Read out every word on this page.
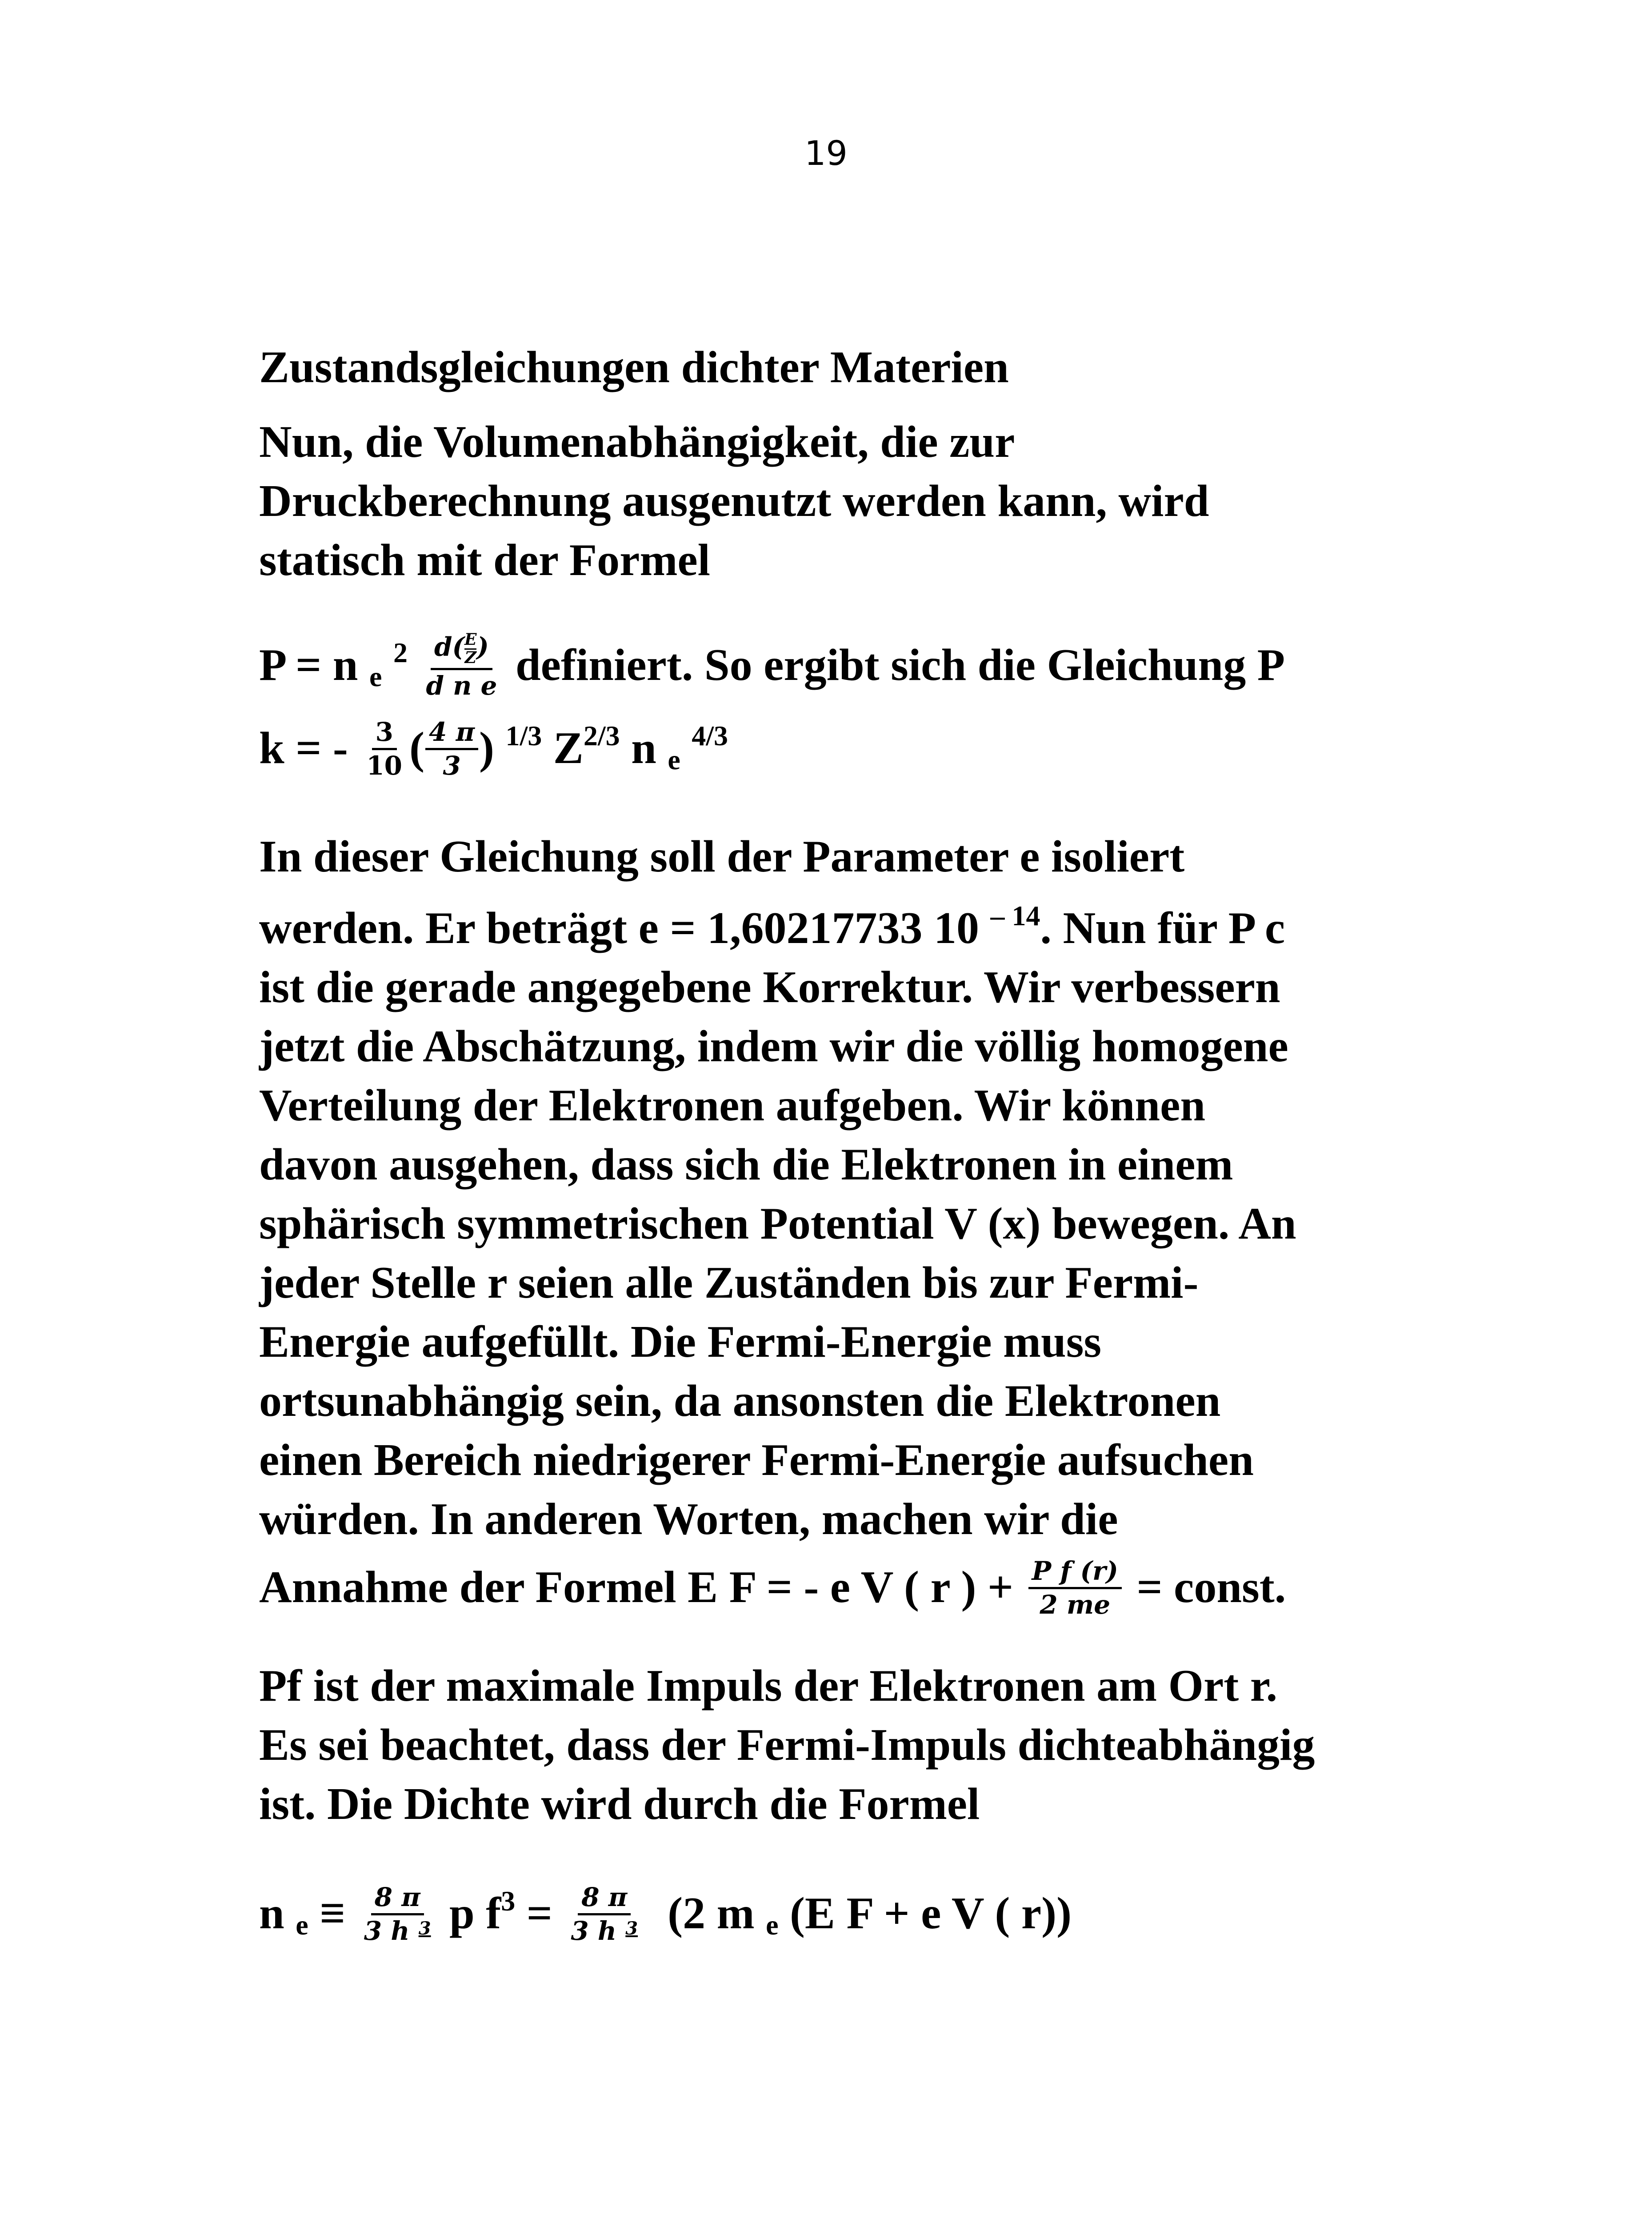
19

Zustandsgleichungen dichter Materien

Nun, die Volumenabhängigkeit, die zur

Druckberechnung ausgenutzt werden kann, wird

statisch mit der Formel

P = n $_e$ $^2 \frac{d( \frac{E}{Z} )}{\text{d n e}}$ definiert. So ergibt sich die Gleichung P

k = - $\frac{3}{10}$ ( $\frac{4 \pi}{3}$ ) $^{1/3}$ $Z^{2/3}$ n $_e$ $^{4/3}$

In dieser Gleichung soll der Parameter e isoliert

werden. Er beträgt e = 1,60217733 10 $^{- 14}$. Nun für P c

ist die gerade angegebene Korrektur. Wir verbessern

jetzt die Abschätzung, indem wir die völlig homogene

Verteilung der Elektronen aufgeben. Wir können

davon ausgehen, dass sich die Elektronen in einem

sphärisch symmetrischen Potential V (x) bewegen. An

jeder Stelle r seien alle Zuständen bis zur Fermi-

Energie aufgefüllt. Die Fermi-Energie muss

ortsunabhängig sein, da ansonsten die Elektronen

einen Bereich niedrigerer Fermi-Energie aufsuchen

würden. In anderen Worten, machen wir die

Annahme der Formel E F = - e V ( r ) + $\frac{\text{P f (r)}}{2 me}$ = const.

Pf ist der maximale Impuls der Elektronen am Ort r.

Es sei beachtet, dass der Fermi-Impuls dichteabhängig

ist. Die Dichte wird durch die Formel

n $_e \equiv \frac{8 \pi}{3 h ^3}$ p $f^3 = \frac{8 \pi}{3 h ^3} (2$ m $_e$ (E F + e V ( r))
